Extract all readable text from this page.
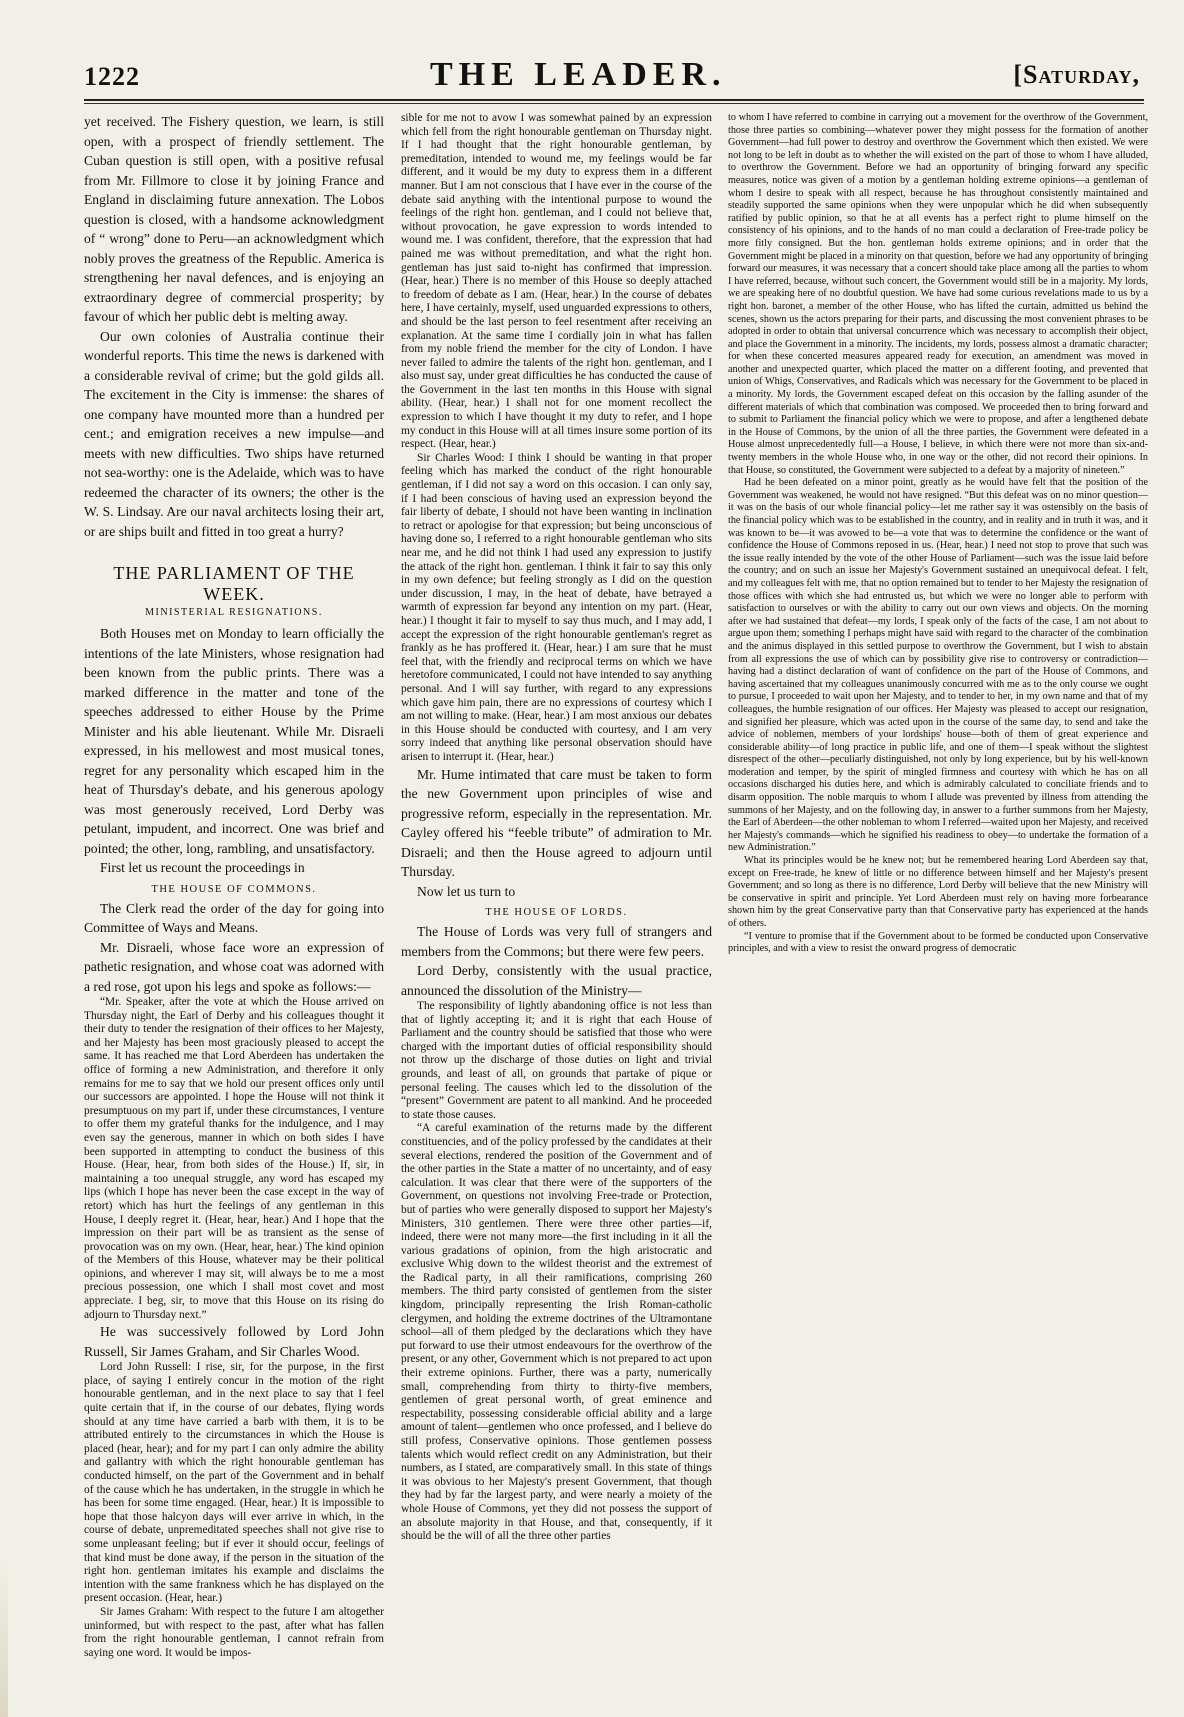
1222	THE LEADER.	[Saturday,

yet received. The Fishery question, we learn, is still open, with a prospect of friendly settlement. The Cuban question is still open, with a positive refusal from Mr. Fillmore to close it by joining France and England in disclaiming future annexation. The Lobos question is closed, with a handsome acknowledgment of “ wrong” done to Peru—an acknowledgment which nobly proves the greatness of the Republic. America is strengthening her naval defences, and is enjoying an extraordinary degree of commercial prosperity; by favour of which her public debt is melting away.

Our own colonies of Australia continue their wonderful reports. This time the news is darkened with a considerable revival of crime; but the gold gilds all. The excitement in the City is immense: the shares of one company have mounted more than a hundred per cent.; and emigration receives a new impulse—and meets with new difficulties. Two ships have returned not sea-worthy: one is the Adelaide, which was to have redeemed the character of its owners; the other is the W. S. Lindsay. Are our naval architects losing their art, or are ships built and fitted in too great a hurry?

THE PARLIAMENT OF THE WEEK.
MINISTERIAL RESIGNATIONS.

Both Houses met on Monday to learn officially the intentions of the late Ministers, whose resignation had been known from the public prints. There was a marked difference in the matter and tone of the speeches addressed to either House by the Prime Minister and his able lieutenant. While Mr. Disraeli expressed, in his mellowest and most musical tones, regret for any personality which escaped him in the heat of Thursday's debate, and his generous apology was most generously received, Lord Derby was petulant, impudent, and incorrect. One was brief and pointed; the other, long, rambling, and unsatisfactory.

First let us recount the proceedings in

THE HOUSE OF COMMONS.

The Clerk read the order of the day for going into Committee of Ways and Means.

Mr. Disraeli, whose face wore an expression of pathetic resignation, and whose coat was adorned with a red rose, got upon his legs and spoke as follows:—

“Mr. Speaker, after the vote at which the House arrived on Thursday night, the Earl of Derby and his colleagues thought it their duty to tender the resignation of their offices to her Majesty, and her Majesty has been most graciously pleased to accept the same. It has reached me that Lord Aberdeen has undertaken the office of forming a new Administration, and therefore it only remains for me to say that we hold our present offices only until our successors are appointed. I hope the House will not think it presumptuous on my part if, under these circumstances, I venture to offer them my grateful thanks for the indulgence, and I may even say the generous, manner in which on both sides I have been supported in attempting to conduct the business of this House. (Hear, hear, from both sides of the House.) If, sir, in maintaining a too unequal struggle, any word has escaped my lips (which I hope has never been the case except in the way of retort) which has hurt the feelings of any gentleman in this House, I deeply regret it. (Hear, hear, hear.) And I hope that the impression on their part will be as transient as the sense of provocation was on my own. (Hear, hear, hear.) The kind opinion of the Members of this House, whatever may be their political opinions, and wherever I may sit, will always be to me a most precious possession, one which I shall most covet and most appreciate. I beg, sir, to move that this House on its rising do adjourn to Thursday next.”

He was successively followed by Lord John Russell, Sir James Graham, and Sir Charles Wood.

Lord John Russell: I rise, sir, for the purpose, in the first place, of saying I entirely concur in the motion of the right honourable gentleman, and in the next place to say that I feel quite certain that if, in the course of our debates, flying words should at any time have carried a barb with them, it is to be attributed entirely to the circumstances in which the House is placed (hear, hear); and for my part I can only admire the ability and gallantry with which the right honourable gentleman has conducted himself, on the part of the Government and in behalf of the cause which he has undertaken, in the struggle in which he has been for some time engaged. (Hear, hear.) It is impossible to hope that those halcyon days will ever arrive in which, in the course of debate, unpremeditated speeches shall not give rise to some unpleasant feeling; but if ever it should occur, feelings of that kind must be done away, if the person in the situation of the right hon. gentleman imitates his example and disclaims the intention with the same frankness which he has displayed on the present occasion. (Hear, hear.)

Sir James Graham: With respect to the future I am altogether uninformed, but with respect to the past, after what has fallen from the right honourable gentleman, I cannot refrain from saying one word. It would be impos-

sible for me not to avow I was somewhat pained by an expression which fell from the right honourable gentleman on Thursday night. If I had thought that the right honourable gentleman, by premeditation, intended to wound me, my feelings would be far different, and it would be my duty to express them in a different manner. But I am not conscious that I have ever in the course of the debate said anything with the intentional purpose to wound the feelings of the right hon. gentleman, and I could not believe that, without provocation, he gave expression to words intended to wound me. I was confident, therefore, that the expression that had pained me was without premeditation, and what the right hon. gentleman has just said to-night has confirmed that impression. (Hear, hear.) There is no member of this House so deeply attached to freedom of debate as I am. (Hear, hear.) In the course of debates here, I have certainly, myself, used unguarded expressions to others, and should be the last person to feel resentment after receiving an explanation. At the same time I cordially join in what has fallen from my noble friend the member for the city of London. I have never failed to admire the talents of the right hon. gentleman, and I also must say, under great difficulties he has conducted the cause of the Government in the last ten months in this House with signal ability. (Hear, hear.) I shall not for one moment recollect the expression to which I have thought it my duty to refer, and I hope my conduct in this House will at all times insure some portion of its respect. (Hear, hear.)

Sir Charles Wood: I think I should be wanting in that proper feeling which has marked the conduct of the right honourable gentleman, if I did not say a word on this occasion. I can only say, if I had been conscious of having used an expression beyond the fair liberty of debate, I should not have been wanting in inclination to retract or apologise for that expression; but being unconscious of having done so, I referred to a right honourable gentleman who sits near me, and he did not think I had used any expression to justify the attack of the right hon. gentleman. I think it fair to say this only in my own defence; but feeling strongly as I did on the question under discussion, I may, in the heat of debate, have betrayed a warmth of expression far beyond any intention on my part. (Hear, hear.) I thought it fair to myself to say thus much, and I may add, I accept the expression of the right honourable gentleman's regret as frankly as he has proffered it. (Hear, hear.) I am sure that he must feel that, with the friendly and reciprocal terms on which we have heretofore communicated, I could not have intended to say anything personal. And I will say further, with regard to any expressions which gave him pain, there are no expressions of courtesy which I am not willing to make. (Hear, hear.) I am most anxious our debates in this House should be conducted with courtesy, and I am very sorry indeed that anything like personal observation should have arisen to interrupt it. (Hear, hear.)

Mr. Hume intimated that care must be taken to form the new Government upon principles of wise and progressive reform, especially in the representation. Mr. Cayley offered his “feeble tribute” of admiration to Mr. Disraeli; and then the House agreed to adjourn until Thursday.

Now let us turn to

THE HOUSE OF LORDS.

The House of Lords was very full of strangers and members from the Commons; but there were few peers.

Lord Derby, consistently with the usual practice, announced the dissolution of the Ministry—

The responsibility of lightly abandoning office is not less than that of lightly accepting it; and it is right that each House of Parliament and the country should be satisfied that those who were charged with the important duties of official responsibility should not throw up the discharge of those duties on light and trivial grounds, and least of all, on grounds that partake of pique or personal feeling. The causes which led to the dissolution of the “present” Government are patent to all mankind. And he proceeded to state those causes.

“A careful examination of the returns made by the different constituencies, and of the policy professed by the candidates at their several elections, rendered the position of the Government and of the other parties in the State a matter of no uncertainty, and of easy calculation. It was clear that there were of the supporters of the Government, on questions not involving Free-trade or Protection, but of parties who were generally disposed to support her Majesty's Ministers, 310 gentlemen. There were three other parties—if, indeed, there were not many more—the first including in it all the various gradations of opinion, from the high aristocratic and exclusive Whig down to the wildest theorist and the extremest of the Radical party, in all their ramifications, comprising 260 members. The third party consisted of gentlemen from the sister kingdom, principally representing the Irish Roman-catholic clergymen, and holding the extreme doctrines of the Ultramontane school—all of them pledged by the declarations which they have put forward to use their utmost endeavours for the overthrow of the present, or any other, Government which is not prepared to act upon their extreme opinions. Further, there was a party, numerically small, comprehending from thirty to thirty-five members, gentlemen of great personal worth, of great eminence and respectability, possessing considerable official ability and a large amount of talent—gentlemen who once professed, and I believe do still profess, Conservative opinions. Those gentlemen possess talents which would reflect credit on any Administration, but their numbers, as I stated, are comparatively small. In this state of things it was obvious to her Majesty's present Government, that though they had by far the largest party, and were nearly a moiety of the whole House of Commons, yet they did not possess the support of an absolute majority in that House, and that, consequently, if it should be the will of all the three other parties

to whom I have referred to combine in carrying out a movement for the overthrow of the Government, those three parties so combining—whatever power they might possess for the formation of another Government—had full power to destroy and overthrow the Government which then existed. We were not long to be left in doubt as to whether the will existed on the part of those to whom I have alluded, to overthrow the Government. Before we had an opportunity of bringing forward any specific measures, notice was given of a motion by a gentleman holding extreme opinions—a gentleman of whom I desire to speak with all respect, because he has throughout consistently maintained and steadily supported the same opinions when they were unpopular which he did when subsequently ratified by public opinion, so that he at all events has a perfect right to plume himself on the consistency of his opinions, and to the hands of no man could a declaration of Free-trade policy be more fitly consigned. But the hon. gentleman holds extreme opinions; and in order that the Government might be placed in a minority on that question, before we had any opportunity of bringing forward our measures, it was necessary that a concert should take place among all the parties to whom I have referred, because, without such concert, the Government would still be in a majority. My lords, we are speaking here of no doubtful question. We have had some curious revelations made to us by a right hon. baronet, a member of the other House, who has lifted the curtain, admitted us behind the scenes, shown us the actors preparing for their parts, and discussing the most convenient phrases to be adopted in order to obtain that universal concurrence which was necessary to accomplish their object, and place the Government in a minority. The incidents, my lords, possess almost a dramatic character; for when these concerted measures appeared ready for execution, an amendment was moved in another and unexpected quarter, which placed the matter on a different footing, and prevented that union of Whigs, Conservatives, and Radicals which was necessary for the Government to be placed in a minority. My lords, the Government escaped defeat on this occasion by the falling asunder of the different materials of which that combination was composed. We proceeded then to bring forward and to submit to Parliament the financial policy which we were to propose, and after a lengthened debate in the House of Commons, by the union of all the three parties, the Government were defeated in a House almost unprecedentedly full—a House, I believe, in which there were not more than six-and-twenty members in the whole House who, in one way or the other, did not record their opinions. In that House, so constituted, the Government were subjected to a defeat by a majority of nineteen.”

Had he been defeated on a minor point, greatly as he would have felt that the position of the Government was weakened, he would not have resigned. “But this defeat was on no minor question—it was on the basis of our whole financial policy—let me rather say it was ostensibly on the basis of the financial policy which was to be established in the country, and in reality and in truth it was, and it was known to be—it was avowed to be—a vote that was to determine the confidence or the want of confidence the House of Commons reposed in us. (Hear, hear.) I need not stop to prove that such was the issue really intended by the vote of the other House of Parliament—such was the issue laid before the country; and on such an issue her Majesty's Government sustained an unequivocal defeat. I felt, and my colleagues felt with me, that no option remained but to tender to her Majesty the resignation of those offices with which she had entrusted us, but which we were no longer able to perform with satisfaction to ourselves or with the ability to carry out our own views and objects. On the morning after we had sustained that defeat—my lords, I speak only of the facts of the case, I am not about to argue upon them; something I perhaps might have said with regard to the character of the combination and the animus displayed in this settled purpose to overthrow the Government, but I wish to abstain from all expressions the use of which can by possibility give rise to controversy or contradiction—having had a distinct declaration of want of confidence on the part of the House of Commons, and having ascertained that my colleagues unanimously concurred with me as to the only course we ought to pursue, I proceeded to wait upon her Majesty, and to tender to her, in my own name and that of my colleagues, the humble resignation of our offices. Her Majesty was pleased to accept our resignation, and signified her pleasure, which was acted upon in the course of the same day, to send and take the advice of noblemen, members of your lordships' house—both of them of great experience and considerable ability—of long practice in public life, and one of them—I speak without the slightest disrespect of the other—peculiarly distinguished, not only by long experience, but by his well-known moderation and temper, by the spirit of mingled firmness and courtesy with which he has on all occasions discharged his duties here, and which is admirably calculated to conciliate friends and to disarm opposition. The noble marquis to whom I allude was prevented by illness from attending the summons of her Majesty, and on the following day, in answer to a further summons from her Majesty, the Earl of Aberdeen—the other nobleman to whom I referred—waited upon her Majesty, and received her Majesty's commands—which he signified his readiness to obey—to undertake the formation of a new Administration.”

What its principles would be he knew not; but he remembered hearing Lord Aberdeen say that, except on Free-trade, he knew of little or no difference between himself and her Majesty's present Government; and so long as there is no difference, Lord Derby will believe that the new Ministry will be conservative in spirit and principle. Yet Lord Aberdeen must rely on having more forbearance shown him by the great Conservative party than that Conservative party has experienced at the hands of others.

“I venture to promise that if the Government about to be formed be conducted upon Conservative principles, and with a view to resist the onward progress of democratic
